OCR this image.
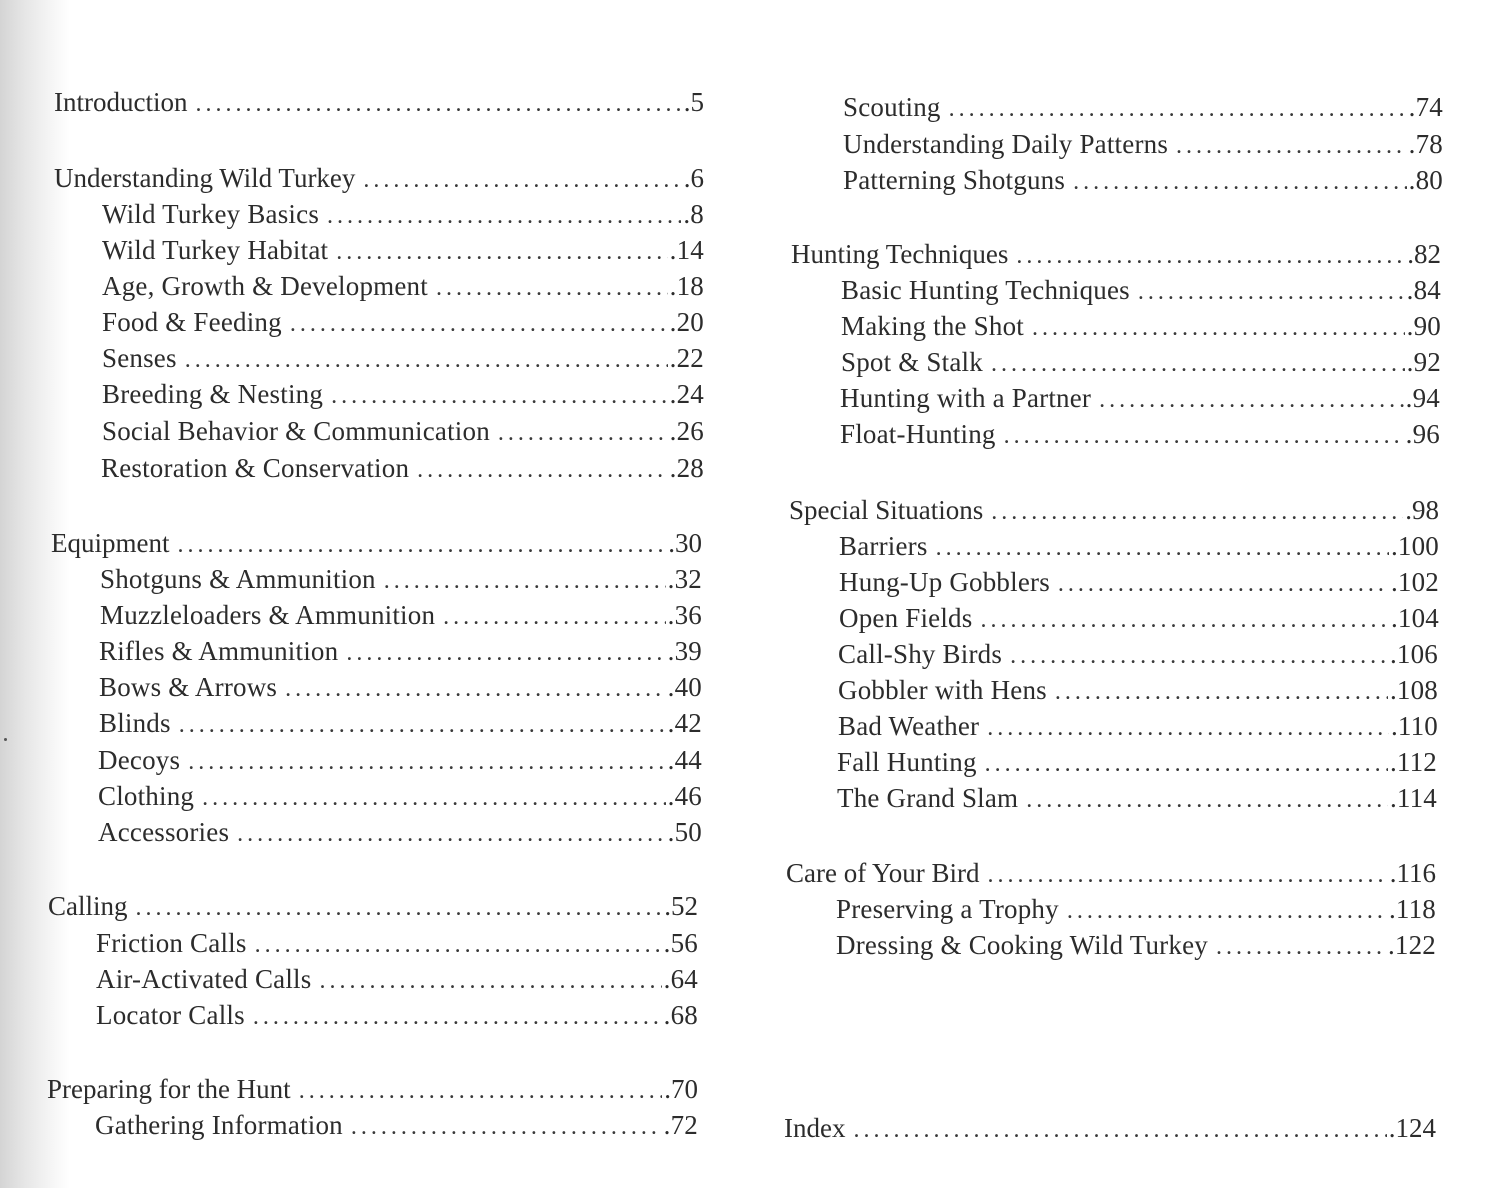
Introduction .....	.5
Understanding Wild Turkey .....	.6
Wild Turkey Basics .....	.8
Wild Turkey Habitat .....	.14
Age, Growth & Development .....	.18
Food & Feeding .....	.20
Senses .....	.22
Breeding & Nesting .....	.24
Social Behavior & Communication .....	.26
Restoration & Conservation .....	.28
Equipment .....	.30
Shotguns & Ammunition .....	.32
Muzzleloaders & Ammunition .....	.36
Rifles & Ammunition .....	.39
Bows & Arrows .....	.40
Blinds .....	.42
Decoys .....	.44
Clothing .....	.46
Accessories .....	.50
Calling .....	.52
Friction Calls .....	.56
Air-Activated Calls .....	.64
Locator Calls .....	.68
Preparing for the Hunt .....	.70
Gathering Information .....	.72
Scouting .....	.74
Understanding Daily Patterns .....	.78
Patterning Shotguns .....	.80
Hunting Techniques .....	.82
Basic Hunting Techniques .....	.84
Making the Shot .....	.90
Spot & Stalk .....	.92
Hunting with a Partner .....	.94
Float-Hunting .....	.96
Special Situations .....	.98
Barriers .....	.100
Hung-Up Gobblers .....	.102
Open Fields .....	.104
Call-Shy Birds .....	.106
Gobbler with Hens .....	.108
Bad Weather .....	.110
Fall Hunting .....	.112
The Grand Slam .....	.114
Care of Your Bird .....	.116
Preserving a Trophy .....	.118
Dressing & Cooking Wild Turkey .....	.122
Index .....	.124
